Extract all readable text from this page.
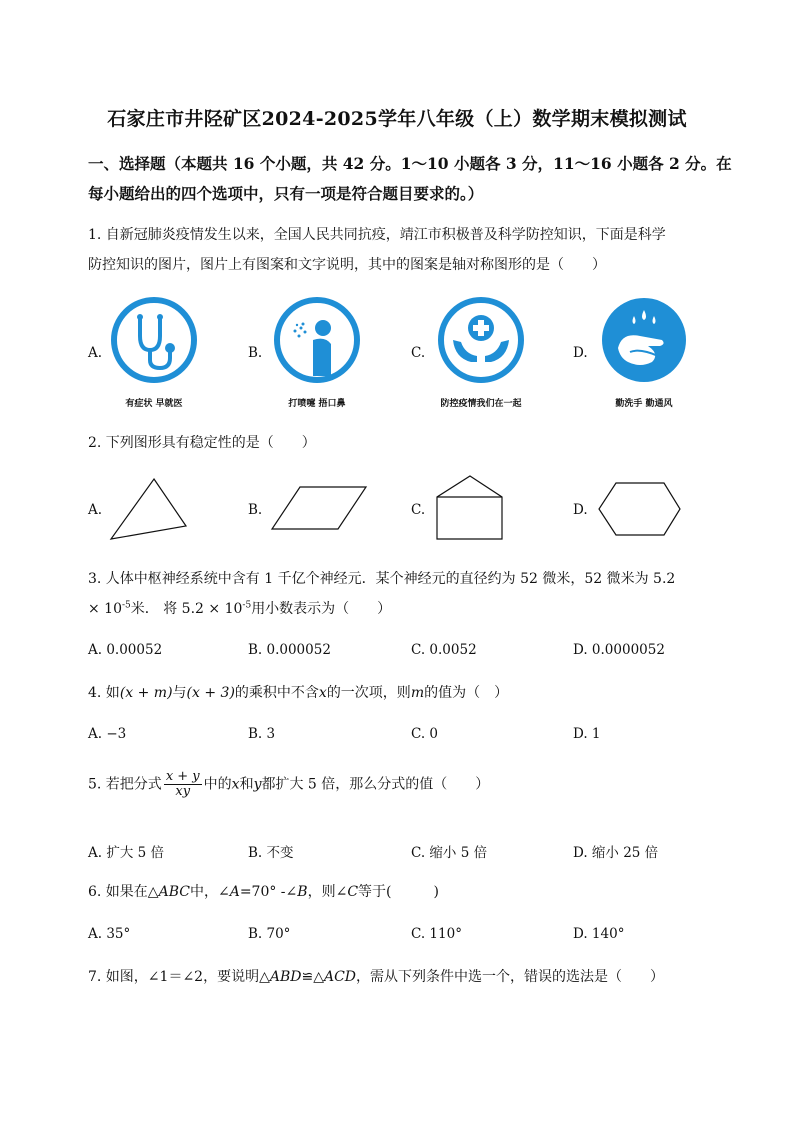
石家庄市井陉矿区2024-2025学年八年级（上）数学期末模拟测试
一、选择题（本题共 16 个小题，共 42 分。1～10 小题各 3 分，11～16 小题各 2 分。在
每小题给出的四个选项中，只有一项是符合题目要求的。）
1. 自新冠肺炎疫情发生以来，全国人民共同抗疫，靖江市积极普及科学防控知识，下面是科学
防控知识的图片，图片上有图案和文字说明，其中的图案是轴对称图形的是（　　）
A.	B.	C.	D.
有症状 早就医	打喷嚏 捂口鼻	防控疫情我们在一起	勤洗手 勤通风
2. 下列图形具有稳定性的是（　　）
A.	B.	C.	D.
3. 人体中枢神经系统中含有 1 千亿个神经元．某个神经元的直径约为 52 微米，52 微米为 5.2
× $10^{-5}$米． 将 $5.2 \times 10^{-5}$用小数表示为（　　）
A. 0.00052	B. 0.000052	C. 0.0052	D. 0.0000052
4. 如(x + m)与(x + 3)的乘积中不含x的一次项，则m的值为（　）
A. −3	B. 3	C. 0	D. 1
5. 若把分式 $\frac{x + y}{xy}$ 中的x和y都扩大 5 倍，那么分式的值（　　）
A. 扩大 5 倍	B. 不变	C. 缩小 5 倍	D. 缩小 25 倍
6. 如果在△ABC中，∠A=70° -∠B，则∠C等于(　　　)
A. 35°	B. 70°	C. 110°	D. 140°
7. 如图，∠1＝∠2，要说明△ABD≌△ACD，需从下列条件中选一个，错误的选法是（　　）
